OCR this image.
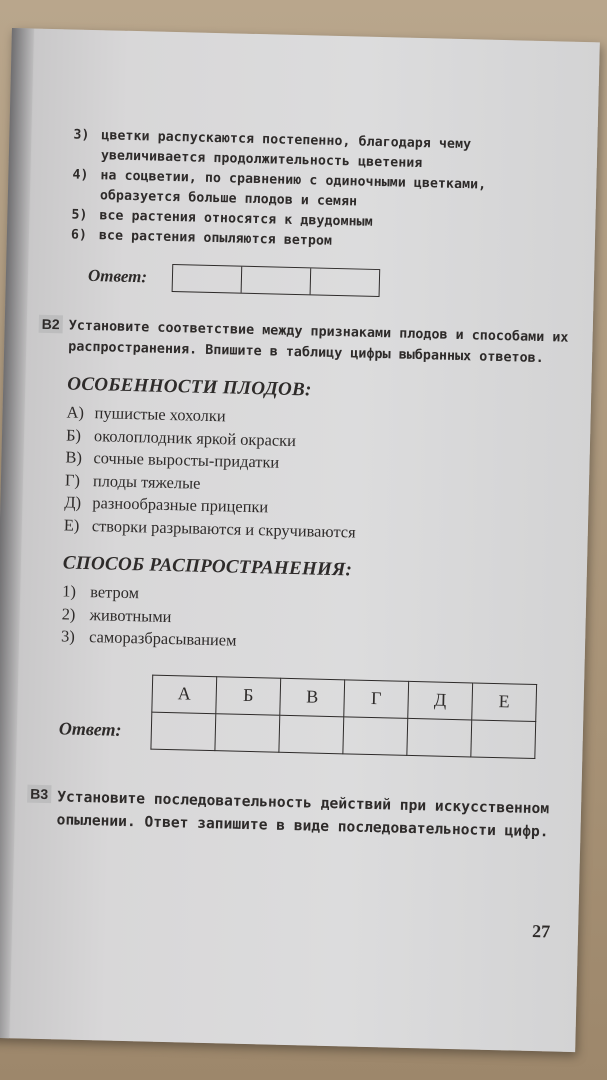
3) цветки распускаются постепенно, благодаря чему увеличивается продолжительность цветения
4) на соцветии, по сравнению с одиночными цветками, образуется больше плодов и семян
5) все растения относятся к двудомным
6) все растения опыляются ветром
Ответ:
B2 Установите соответствие между признаками плодов и способами их распространения. Впишите в таблицу цифры выбранных ответов.
ОСОБЕННОСТИ ПЛОДОВ:
А) пушистые хохолки
Б) околоплодник яркой окраски
В) сочные выросты-придатки
Г) плоды тяжелые
Д) разнообразные прицепки
Е) створки разрываются и скручиваются
СПОСОБ РАСПРОСТРАНЕНИЯ:
1) ветром
2) животными
3) саморазбрасыванием
Ответ:
А	Б	В	Г	Д	Е

B3 Установите последовательность действий при искусственном опылении. Ответ запишите в виде последовательности цифр.
27
